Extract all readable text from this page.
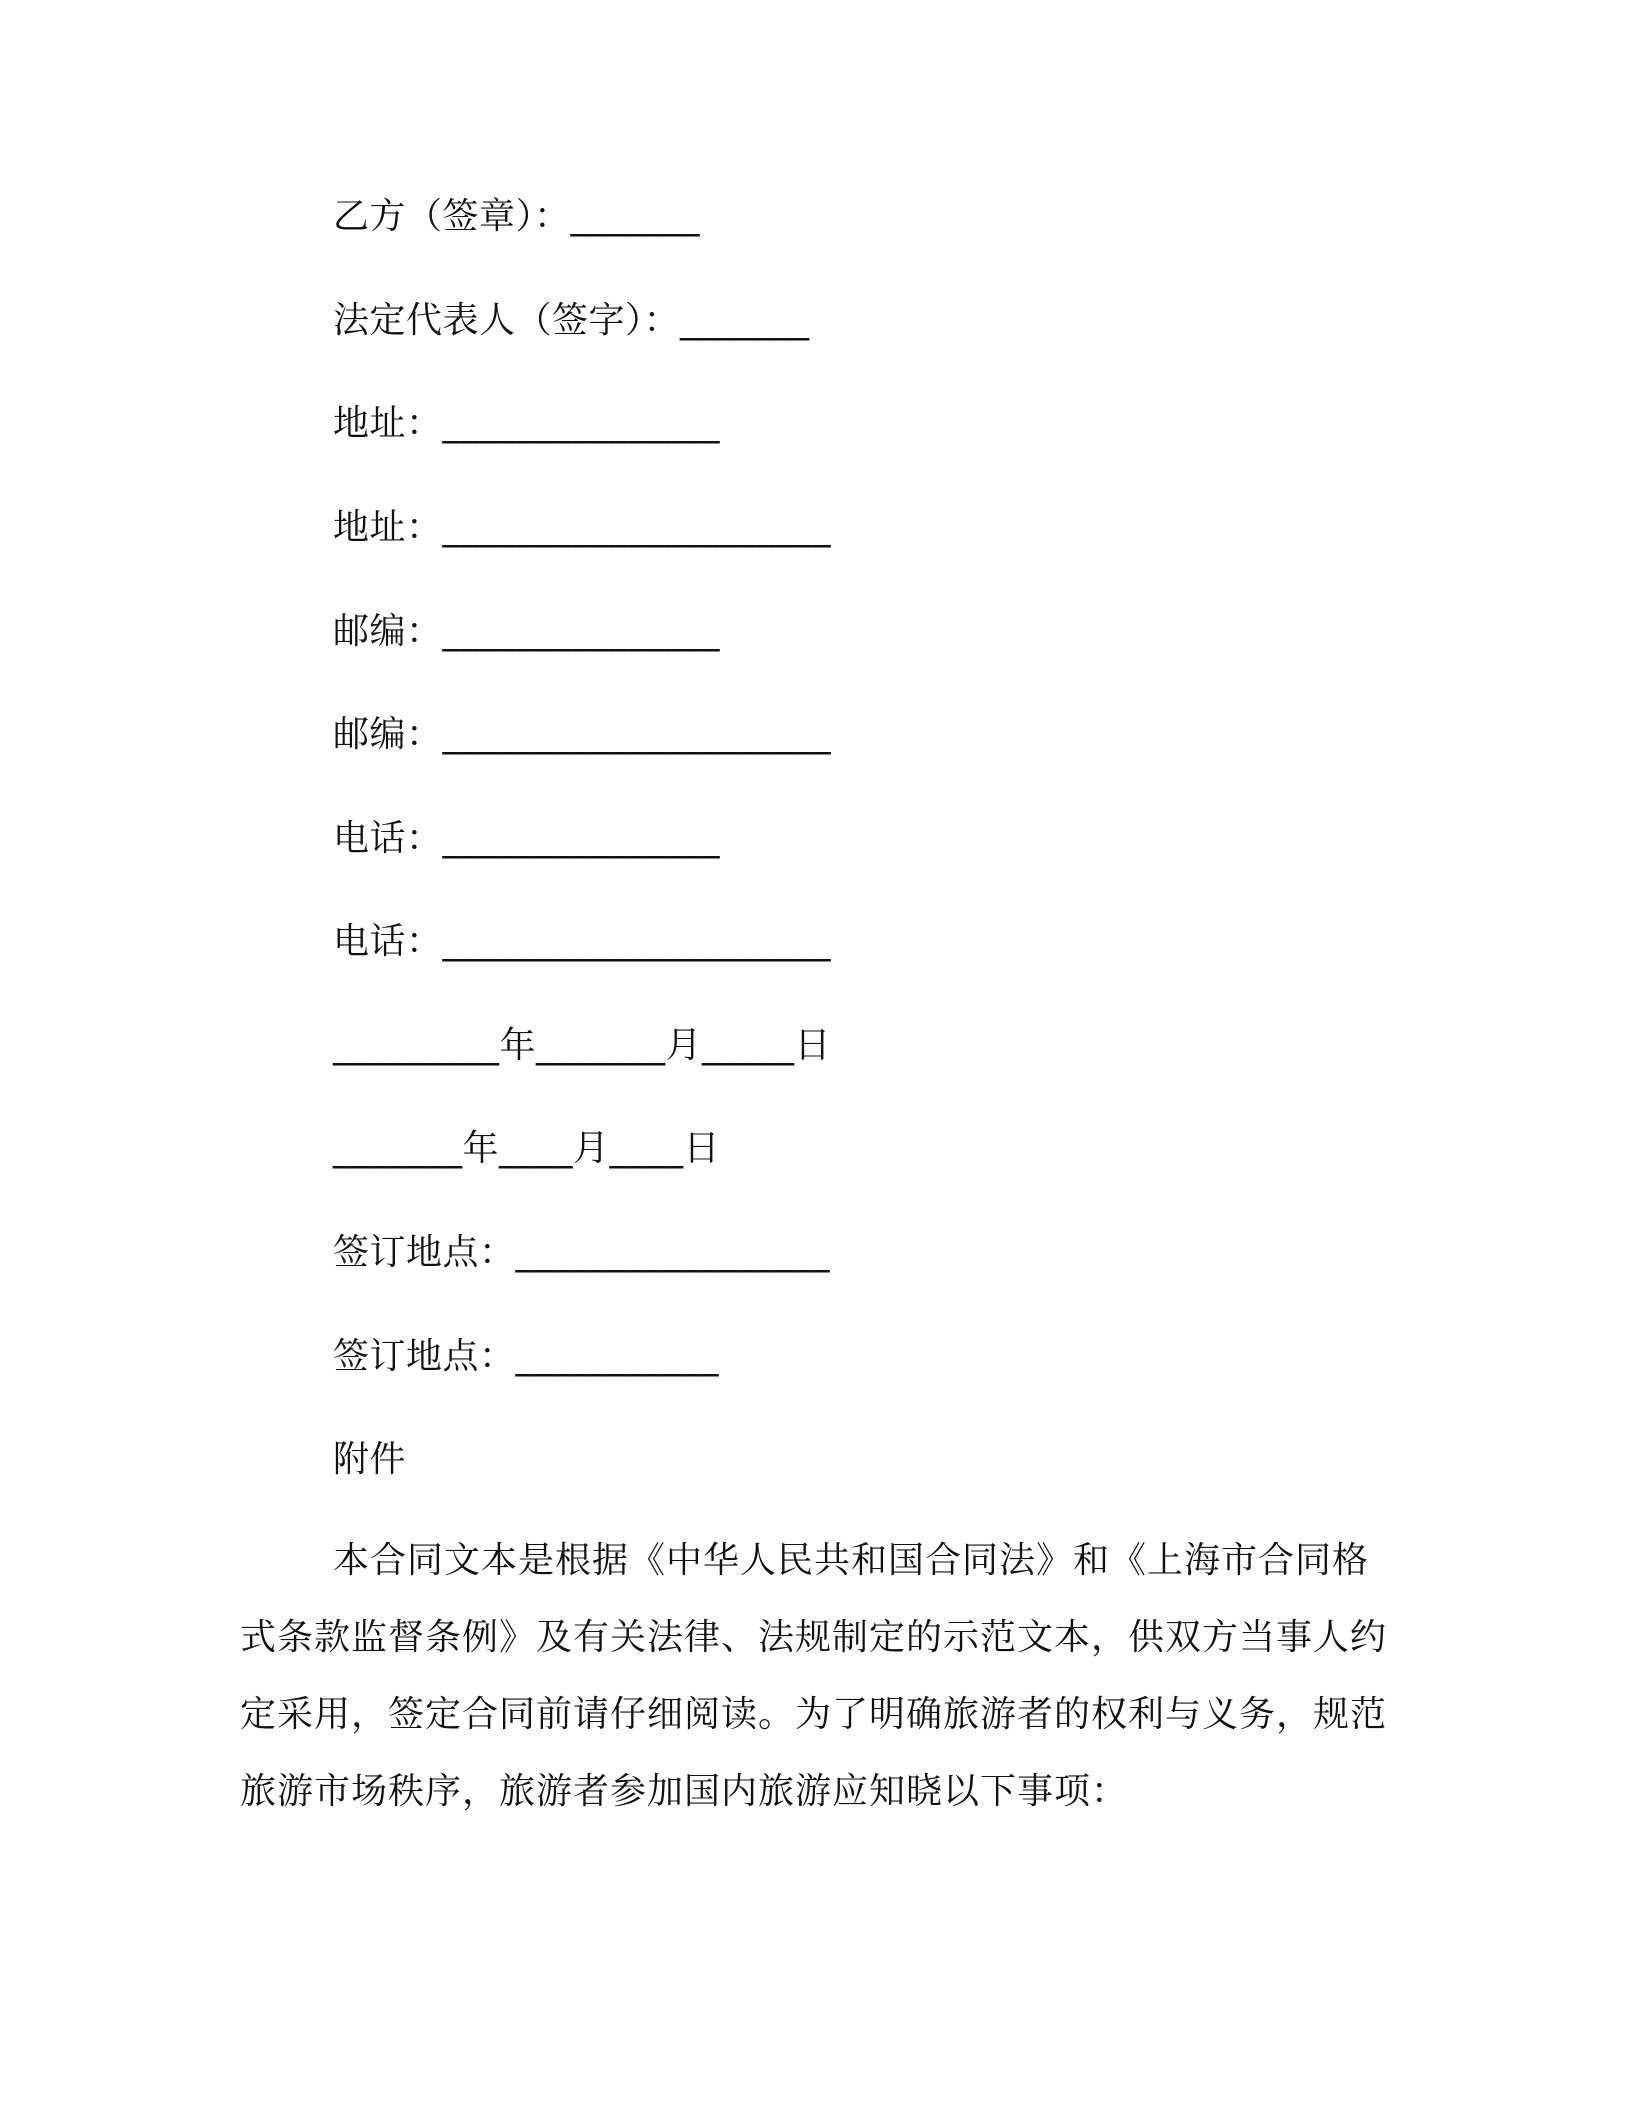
乙方（签章）：_______
法定代表人（签字）：_______
地址：_______________
地址：_____________________
邮编：_______________
邮编：_____________________
电话：_______________
电话：_____________________
_________年_______月_____日
_______年____月____日
签订地点：_________________
签订地点：___________
附件
本合同文本是根据《中华人民共和国合同法》和《上海市合同格式条款监督条例》及有关法律、法规制定的示范文本，供双方当事人约定采用，签定合同前请仔细阅读。为了明确旅游者的权利与义务，规范旅游市场秩序，旅游者参加国内旅游应知晓以下事项：
